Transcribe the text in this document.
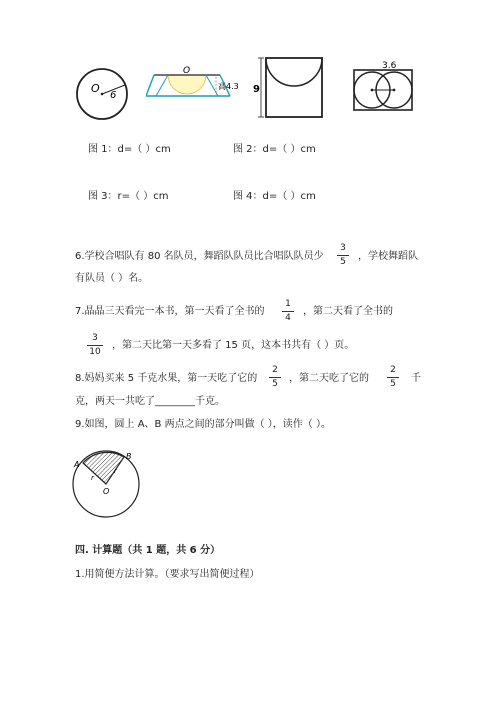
O
6
O
高4.3 9
3.6
图 1：d=（ ）cm	图 2：d=（ ）cm
图 3：r=（ ）cm	图 4：d=（ ）cm
6.学校合唱队有 80 名队员，舞蹈队队员比合唱队队员少
3
5	，学校舞蹈队
有队员（ ）名。
7.晶晶三天看完一本书，第一天看了全书的
1
4
，第二天看了全书的
3
10
，第二天比第一天多看了 15 页，这本书共有（ ）页。
8.妈妈买来 5 千克水果，第一天吃了它的
2
5	，第二天吃了它的
2
5	千
克，两天一共吃了________千克。
9.如图，圆上 A、B 两点之间的部分叫做（ ），读作（ ）。
A
B
O
r
r
四. 计算题（共 1 题，共 6 分）
1.用简便方法计算。（要求写出简便过程）
